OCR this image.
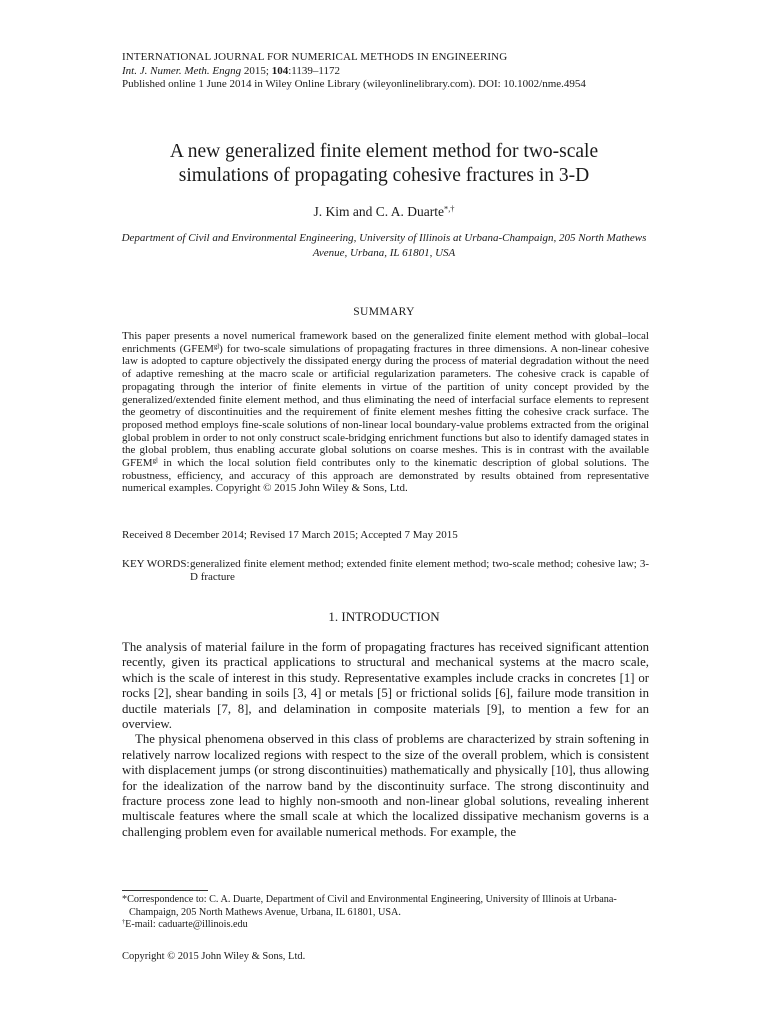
INTERNATIONAL JOURNAL FOR NUMERICAL METHODS IN ENGINEERING
Int. J. Numer. Meth. Engng 2015; 104:1139–1172
Published online 1 June 2014 in Wiley Online Library (wileyonlinelibrary.com). DOI: 10.1002/nme.4954
A new generalized finite element method for two-scale
simulations of propagating cohesive fractures in 3-D
J. Kim and C. A. Duarte*,†
Department of Civil and Environmental Engineering, University of Illinois at Urbana-Champaign, 205 North Mathews Avenue, Urbana, IL 61801, USA
SUMMARY
This paper presents a novel numerical framework based on the generalized finite element method with global–local enrichments $(GFEM^{gl})$ for two-scale simulations of propagating fractures in three dimensions. A non-linear cohesive law is adopted to capture objectively the dissipated energy during the process of material degradation without the need of adaptive remeshing at the macro scale or artificial regularization parameters. The cohesive crack is capable of propagating through the interior of finite elements in virtue of the partition of unity concept provided by the generalized/extended finite element method, and thus eliminating the need of interfacial surface elements to represent the geometry of discontinuities and the requirement of finite element meshes fitting the cohesive crack surface. The proposed method employs fine-scale solutions of non-linear local boundary-value problems extracted from the original global problem in order to not only construct scale-bridging enrichment functions but also to identify damaged states in the global problem, thus enabling accurate global solutions on coarse meshes. This is in contrast with the available $GFEM^{gl}$ in which the local solution field contributes only to the kinematic description of global solutions. The robustness, efficiency, and accuracy of this approach are demonstrated by results obtained from representative numerical examples. Copyright © 2015 John Wiley & Sons, Ltd.
Received 8 December 2014; Revised 17 March 2015; Accepted 7 May 2015
KEY WORDS: generalized finite element method; extended finite element method; two-scale method; cohesive law; 3-D fracture
1. INTRODUCTION

The analysis of material failure in the form of propagating fractures has received significant attention recently, given its practical applications to structural and mechanical systems at the macro scale, which is the scale of interest in this study. Representative examples include cracks in concretes [1] or rocks [2], shear banding in soils [3, 4] or metals [5] or frictional solids [6], failure mode transition in ductile materials [7, 8], and delamination in composite materials [9], to mention a few for an overview.

The physical phenomena observed in this class of problems are characterized by strain softening in relatively narrow localized regions with respect to the size of the overall problem, which is consistent with displacement jumps (or strong discontinuities) mathematically and physically [10], thus allowing for the idealization of the narrow band by the discontinuity surface. The strong discontinuity and fracture process zone lead to highly non-smooth and non-linear global solutions, revealing inherent multiscale features where the small scale at which the localized dissipative mechanism governs is a challenging problem even for available numerical methods. For example, the

*Correspondence to: C. A. Duarte, Department of Civil and Environmental Engineering, University of Illinois at Urbana-Champaign, 205 North Mathews Avenue, Urbana, IL 61801, USA.

†E-mail: caduarte@illinois.edu

Copyright © 2015 John Wiley & Sons, Ltd.
